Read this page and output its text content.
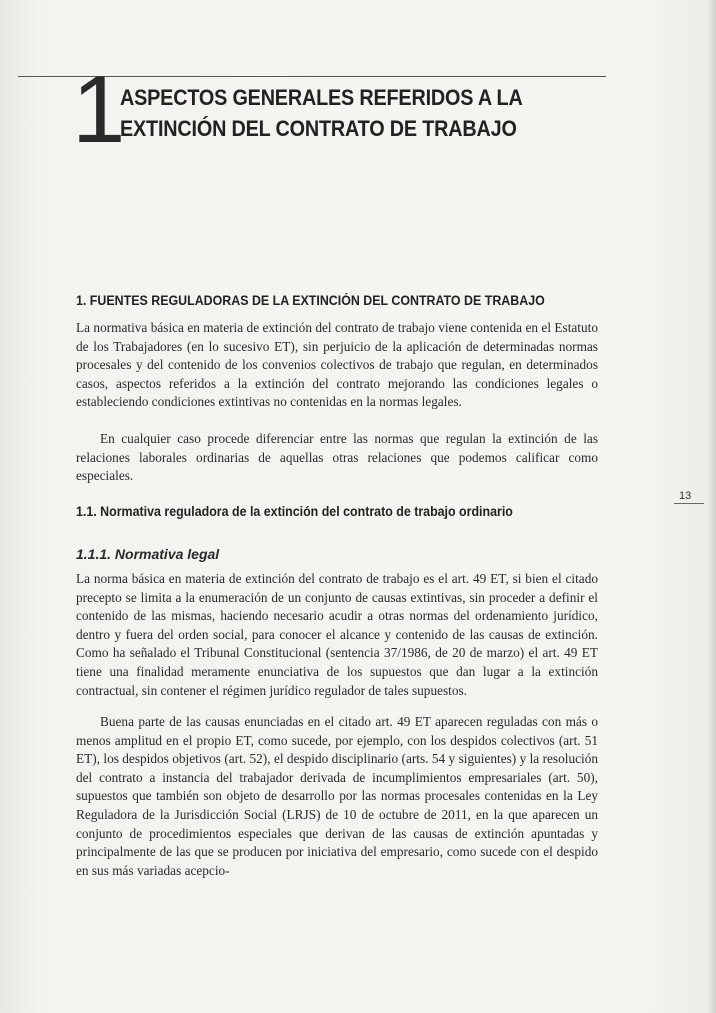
1
ASPECTOS GENERALES REFERIDOS A LA EXTINCIÓN DEL CONTRATO DE TRABAJO
1. FUENTES REGULADORAS DE LA EXTINCIÓN DEL CONTRATO DE TRABAJO

La normativa básica en materia de extinción del contrato de trabajo viene contenida en el Estatuto de los Trabajadores (en lo sucesivo ET), sin perjuicio de la aplicación de determinadas normas procesales y del contenido de los convenios colectivos de trabajo que regulan, en determinados casos, aspectos referidos a la extinción del contrato mejorando las condiciones legales o estableciendo condiciones extintivas no contenidas en la normas legales.

En cualquier caso procede diferenciar entre las normas que regulan la extinción de las relaciones laborales ordinarias de aquellas otras relaciones que podemos calificar como especiales.

1.1. Normativa reguladora de la extinción del contrato de trabajo ordinario
1.1.1. Normativa legal

La norma básica en materia de extinción del contrato de trabajo es el art. 49 ET, si bien el citado precepto se limita a la enumeración de un conjunto de causas extintivas, sin proceder a definir el contenido de las mismas, haciendo necesario acudir a otras normas del ordenamiento jurídico, dentro y fuera del orden social, para conocer el alcance y contenido de las causas de extinción. Como ha señalado el Tribunal Constitucional (sentencia 37/1986, de 20 de marzo) el art. 49 ET tiene una finalidad meramente enunciativa de los supuestos que dan lugar a la extinción contractual, sin contener el régimen jurídico regulador de tales supuestos.

Buena parte de las causas enunciadas en el citado art. 49 ET aparecen reguladas con más o menos amplitud en el propio ET, como sucede, por ejemplo, con los despidos colectivos (art. 51 ET), los despidos objetivos (art. 52), el despido disciplinario (arts. 54 y siguientes) y la resolución del contrato a instancia del trabajador derivada de incumplimientos empresariales (art. 50), supuestos que también son objeto de desarrollo por las normas procesales contenidas en la Ley Reguladora de la Jurisdicción Social (LRJS) de 10 de octubre de 2011, en la que aparecen un conjunto de procedimientos especiales que derivan de las causas de extinción apuntadas y principalmente de las que se producen por iniciativa del empresario, como sucede con el despido en sus más variadas acepcio-

13
